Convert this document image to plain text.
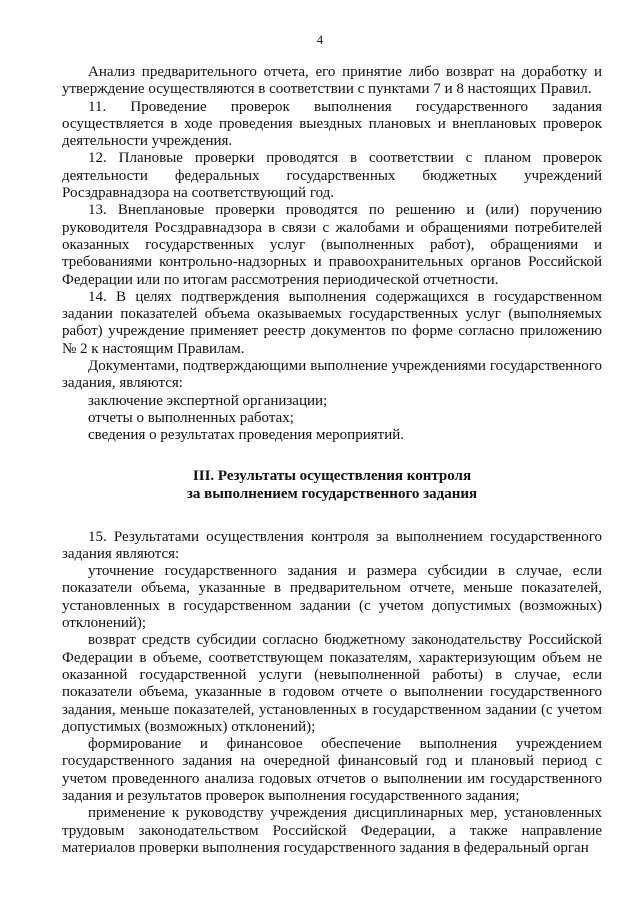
4

Анализ предварительного отчета, его принятие либо возврат на доработку и утверждение осуществляются в соответствии с пунктами 7 и 8 настоящих Правил.

11. Проведение проверок выполнения государственного задания осуществляется в ходе проведения выездных плановых и внеплановых проверок деятельности учреждения.

12. Плановые проверки проводятся в соответствии с планом проверок деятельности федеральных государственных бюджетных учреждений Росздравнадзора на соответствующий год.

13. Внеплановые проверки проводятся по решению и (или) поручению руководителя Росздравнадзора в связи с жалобами и обращениями потребителей оказанных государственных услуг (выполненных работ), обращениями и требованиями контрольно-надзорных и правоохранительных органов Российской Федерации или по итогам рассмотрения периодической отчетности.

14. В целях подтверждения выполнения содержащихся в государственном задании показателей объема оказываемых государственных услуг (выполняемых работ) учреждение применяет реестр документов по форме согласно приложению № 2 к настоящим Правилам.

Документами, подтверждающими выполнение учреждениями государственного задания, являются:

заключение экспертной организации;

отчеты о выполненных работах;

сведения о результатах проведения мероприятий.

III. Результаты осуществления контроля
за выполнением государственного задания

15. Результатами осуществления контроля за выполнением государственного задания являются:

уточнение государственного задания и размера субсидии в случае, если показатели объема, указанные в предварительном отчете, меньше показателей, установленных в государственном задании (с учетом допустимых (возможных) отклонений);

возврат средств субсидии согласно бюджетному законодательству Российской Федерации в объеме, соответствующем показателям, характеризующим объем не оказанной государственной услуги (невыполненной работы) в случае, если показатели объема, указанные в годовом отчете о выполнении государственного задания, меньше показателей, установленных в государственном задании (с учетом допустимых (возможных) отклонений);

формирование и финансовое обеспечение выполнения учреждением государственного задания на очередной финансовый год и плановый период с учетом проведенного анализа годовых отчетов о выполнении им государственного задания и результатов проверок выполнения государственного задания;

применение к руководству учреждения дисциплинарных мер, установленных трудовым законодательством Российской Федерации, а также направление материалов проверки выполнения государственного задания в федеральный орган
